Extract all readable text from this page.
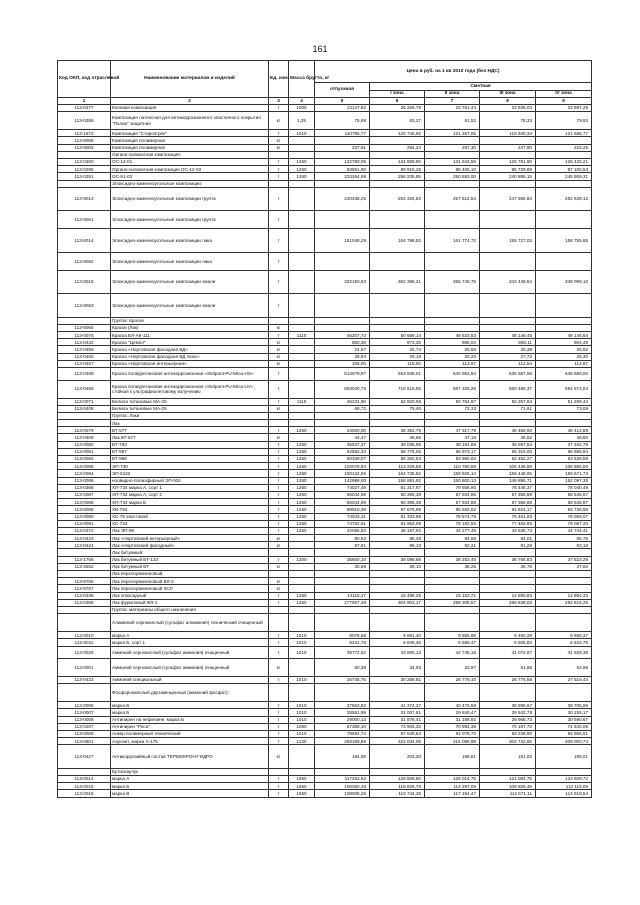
161
Код ОКП, код отраслевой	Наименование материалов и изделий	Ед. изм.	Масса брутто, кг	Цена в руб. на 1 кв 2010 года (без НДС)				
				отпускная	Сметная			
					I зона	II зона	III зона	IV зона
1	2	3	4	5	6	7	8	9
113-0377	Клеевая композиция	т	1000	21147.82	25 266,79	23 761,44	22 636,03	22 697,29
113-0356	Композиция латексная для антикоррозионного эластичного покрытия "Полан" защитная	кг	1,25	75,98	83,27	81,52	78,33	79,93
113-1672	Композиция "Стиролгрек"	т	1010	110785,77	120 745,92	121 267,05	118 940,34	121 586,77
113-9058	Композиция полимерная	кг						
113-9003	Композиция полимерная	кг		237,91	284,24	287,30	247,90	215,25
	Органо-силикатная композиция:							
113-0350	ОС-12-01	т	1260	122780,05	134 859,90	131 943,58	126 781,60	129 425,21
113-0295	Органо-силикатная композиция ОС-12-03	т	1260	83651,80	89 915,28	88 406,10	85 729,89	87 100,53
113-0351	ОС-51-03	т	1260	233264,98	256 235,85	250 693,00	240 886,15	245 909,31
	Эпоксидно-каменноугольные композиции:							
113-9013	Эпоксидно-каменноугольные композиции грунта	т		240438,25	262 325,83	257 512,54	247 865,84	252 639,12
113-9061	Эпоксидно-каменноугольные композиции грунта	т						
113-8014	Эпоксидно-каменноугольные композиции лака	т		151048,29	164 798,53	161 774,72	155 727,03	158 755,85
113-9062	Эпоксидно-каменноугольные композиции лака	т						
113-8015	Эпоксидно-каменноугольные композиции эмали	т		332150,93	362 398,21	355 748,75	342 449,64	349 099,10
113-9063	Эпоксидно-каменноугольные композиции эмали	т						
	Группа: Краски							
113-9065	Краски (Лак)	кг						
113-0078	Краска БЛ-АК-111	т	1110	46207,73	50 689,14	48 633,53	48 148,45	49 146,54
113-0442	Краска "Цемол"	кг		850,39	973,26	885,04	866,11	904,48
113-0459	Краска «Нортовская фасадная ВД»	кг		24,57	25,74	25,65	25,39	25,92
113-0460	Краска «Нортовская фасадная ВД люкс»	кг		26,84	29,19	28,20	27,72	28,30
113-0467	Краска «Нортовская интерьерная»	кг		108,00	118,50	113,67	112,54	114,87
113-0468	Краска полиуретановая антикоррозионная «Stelpant-PU-Mica-HS»	т		513979,97	563 939,01	540 963,84	535 567,06	546 669,00
113-0469	Краска полиуретановая антикоррозионная «Stelpant-PU-Mica-UV», стойкая к ультрафиолетовому излучению	т		653040,75	716 516,55	687 325,29	680 468,37	694 574,04
113-0071	Белила титановые МА-25	т	1110	46231,90	52 920,06	50 764,97	50 257,84	51 299,44
113-0408	Белила титановые МА-25	кг		68,72	75,40	72,33	71,61	73,09
	Группа: Лаки							
	Лак							
113-0079	БТ-577	т	1260	44000,00	48 353,76	47 317,79	45 456,60	46 414,59
113-0409	Лак БТ-577	кг		44,47	46,65	47,18	45,82	46,80
113-0080	БТ-783	т	1260	35537,37	39 035,95	38 191,89	36 697,54	37 462,78
113-0081	БТ-987	т	1260	62582,33	68 775,06	66 973,17	65 315,00	66 668,94
113-0082	БТ-988	т	1260	50339,07	55 250,53	53 960,82	52 452,27	53 539,58
113-0085	ЭП-730	т	1260	103076,84	113 229,56	110 780,58	106 446,58	108 665,00
113-0084	ЭП-5122	т	1260	150142,65	164 735,52	159 925,14	156 448,65	159 671,73
113-0086	ноовидно-полиэфирный ЭП-934	т	1260	142998,00	156 891,92	150 600,13	148 895,71	152 097,35
113-0366	ХП-734 марка А, сорт 1	т	1260	74027,49	81 317,67	79 556,90	76 446,37	78 040,49
113-0087	ХП-734 марка А, сорт 2	т	1260	56044,99	60 395,38	57 934,86	57 356,86	58 545,87
113-0088	ХП-734 марка Б	т	1260	56044,99	60 395,38	57 934,86	57 356,86	58 545,87
113-0089	ХВ-784	т	1260	88919,39	97 675,99	95 562,62	91 824,17	93 738,96
113-0090	ХС-76 хвостовой	т	1260	74043,31	81 333,89	78 574,79	76 461,93	78 056,07
113-0091	ХС-724	т	1260	74782,61	81 953,09	78 182,55	77 462,88	79 067,20
113-0372	Лак ЭП-96	т	1260	42066,83	46 157,92	44 277,45	43 635,73	44 744,41
113-0423	Лак «Нортовский интерьерный»	кг		80,62	88,48	84,86	84,01	85,75
113-0424	Лак «Нортовский фасадный»	кг		87,61	96,13	92,21	91,29	93,18
	Лак битумный:							
113-1766	Лак битумный БТ-123	т	1300	35600,10	39 098,88	38 253,40	36 756,83	37 523,28
113-3552	Лак битумный БТ	кг		30,89	39,10	38,25	36,76	37,52
	Лак перхлорвиниловый:							
113-9756	Лак перхлорвиниловый ВЛ-2	кг						
113-9757	Лак перхлорвиниловый ХСЛ	кг						
113-0335	Лак эпоксидный	т	1260	14116,17	15 488,26	15 153,71	14 590,83	14 864,33
113-0369	Лак фуриловый ФЛ-1	т	1260	277567,39	304 903,17	298 308,57	286 638,03	292 615,26
	Группа: материалы общего назначения							
	Алюминий сернокислый (сульфат алюминия) технический очищенный							
113-0010	марка А	т	1010	9078,65	9 951,40	9 555,66	9 460,28	9 656,37
113-0011	марка Б, сорт 1	т	1010	6241,76	6 849,48	6 569,47	6 505,83	6 633,75
113-0025	Аммоний сернокислый (сульфат аммония) очищенный	т	1010	39772,62	43 690,12	42 745,16	41 072,87	41 929,36
113-0001	Аммоний сернокислый (сульфат аммония) очищенный	кг		50,38	34,93	33,97	51,85	52,96
113-0432	Аммоний специальный	т	1010	25745,75	30 268,81	28 776,10	26 775,58	27 516,44
	Фосфорнокислый двузамещенный (аммоний фосфат):							
113-0006	марка Б	т	1010	37663,83	41 374,37	40 475,58	38 895,67	39 706,96
113-0007	марка Б	т	1010	28551,99	31 007,81	29 840,47	29 542,78	30 155,17
113-0008	Антипирен на нефелине, марка Б	т	1010	29000,13	31 878,41	31 188,92	29 966,73	30 590,67
113-0267	Антипирен "Роса"	т	1060	67358,10	73 905,30	70 894,38	70 187,72	71 642,05
113-0009	Анкер полимерный технический	т	1010	79684,74	87 649,54	84 078,70	83 238,90	84 965,61
113-0501	Аэрозит, марка А-175	т	1130	293159,86	322 034,08	315 096,99	302 742,66	309 000,74
113-0427	Антикоррозийный состав ТЕРМОКРОН-ГИДРО	кг		184,98	203,20	198,81	191,03	195,01
	Бутилкаучук							
113-0014	марка А	т	1550	117253,62	128 806,50	126 014,75	121 084,75	123 609,72
113-0015	марка Б	т	1550	106350,49	116 826,78	114 297,05	109 825,48	112 115,05
113-0016	марка В	т	1550	109006,26	119 744,35	117 154,47	112 571,11	114 918,54
